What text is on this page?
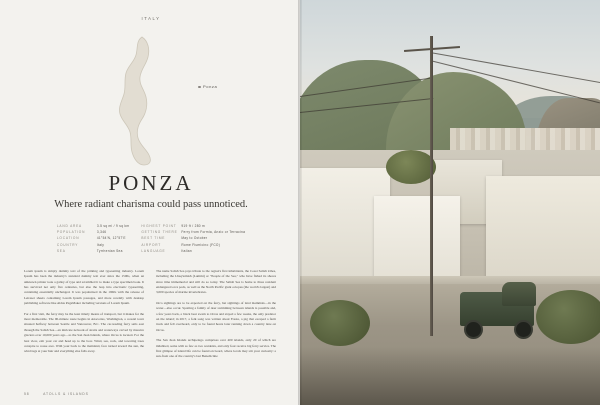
ITALY
Ponza
PONZA
Where radiant charisma could pass unnoticed.
LAND AREA	3.5 sq mi / 9 sq km
POPULATION	3,346
LOCATION	41°54'N, 12°57'E
COUNTRY	Italy
SEA	Tyrrhenian Sea
HIGHEST POINT 919 ft / 280 m
GETTING THERE Ferry from Formia, Anzio or Terracina
BEST TIME	May to October
AIRPORT	Rome Fiumicino (FCO)
LANGUAGE	Italian

Lorem ipsum is simply dummy text of the printing and typesetting industry. Lorem Ipsum has been the industry's standard dummy text ever since the 1500s, when an unknown printer took a galley of type and scrambled it to make a type specimen book. It has survived not only five centuries, but also the leap into electronic typesetting, containing essentially unchanged. It was popularised in the 1960s with the release of Letraset sheets containing Lorem Ipsum passages, and more recently with desktop publishing software like Aldus PageMaker including versions of Lorem Ipsum.

For a first visit, the ferry may be the least timely means of transport, but it makes for the most memorable. The 90-minute route begins in Anacortes, Washington, a coastal town situated halfway between Seattle and Vancouver, B.C. The car-leading ferry sails east through the Salish Sea—an intricate network of straits and waterways carved by massive glaciers over 10,000 years ago—to the San Juan Islands, where Orcas is located. For the best view, exit your car and head up to the bow. Wind, sea, rock, and towering trees conspire to rouse awe. With your back to the mainland, face turned toward the sun, the wind tugs at your hair and everything else falls away.

The name Salish Sea pays tribute to the region's first inhabitants, the Coast Salish tribes, including the Lhaq'temish (Lummi) or "People of the Sea," who have fished its shores since time immemorial and still do so today. The Salish Sea is home to three resident endangered orca pods, as well as the North Pacific giant octopus (the world's largest) and 3,000 species of marine invertebrates.

Orca sightings are to be expected on the ferry, but sightings of land mammals—in the water—also occur. Spotting a family of deer swimming between islands is possible and, a few years back, a black bear swam to Orcas and stayed a few weeks, the only predator on the island; in 2017, a folk song was written about Fresia, a pig that escaped a farm truck and fell overboard, only to be found hours later running down a country lane on Orcas.

The San Juan Islands archipelago comprises over 400 islands, only 20 of which are inhabited, some with as few as two residents, and only four receive big ferry service. The first glimpse of island life can be found on board, where locals may stir your curiosity: a sun-front one of the country's last Benedictine

58	ATOLLS & ISLANDS
